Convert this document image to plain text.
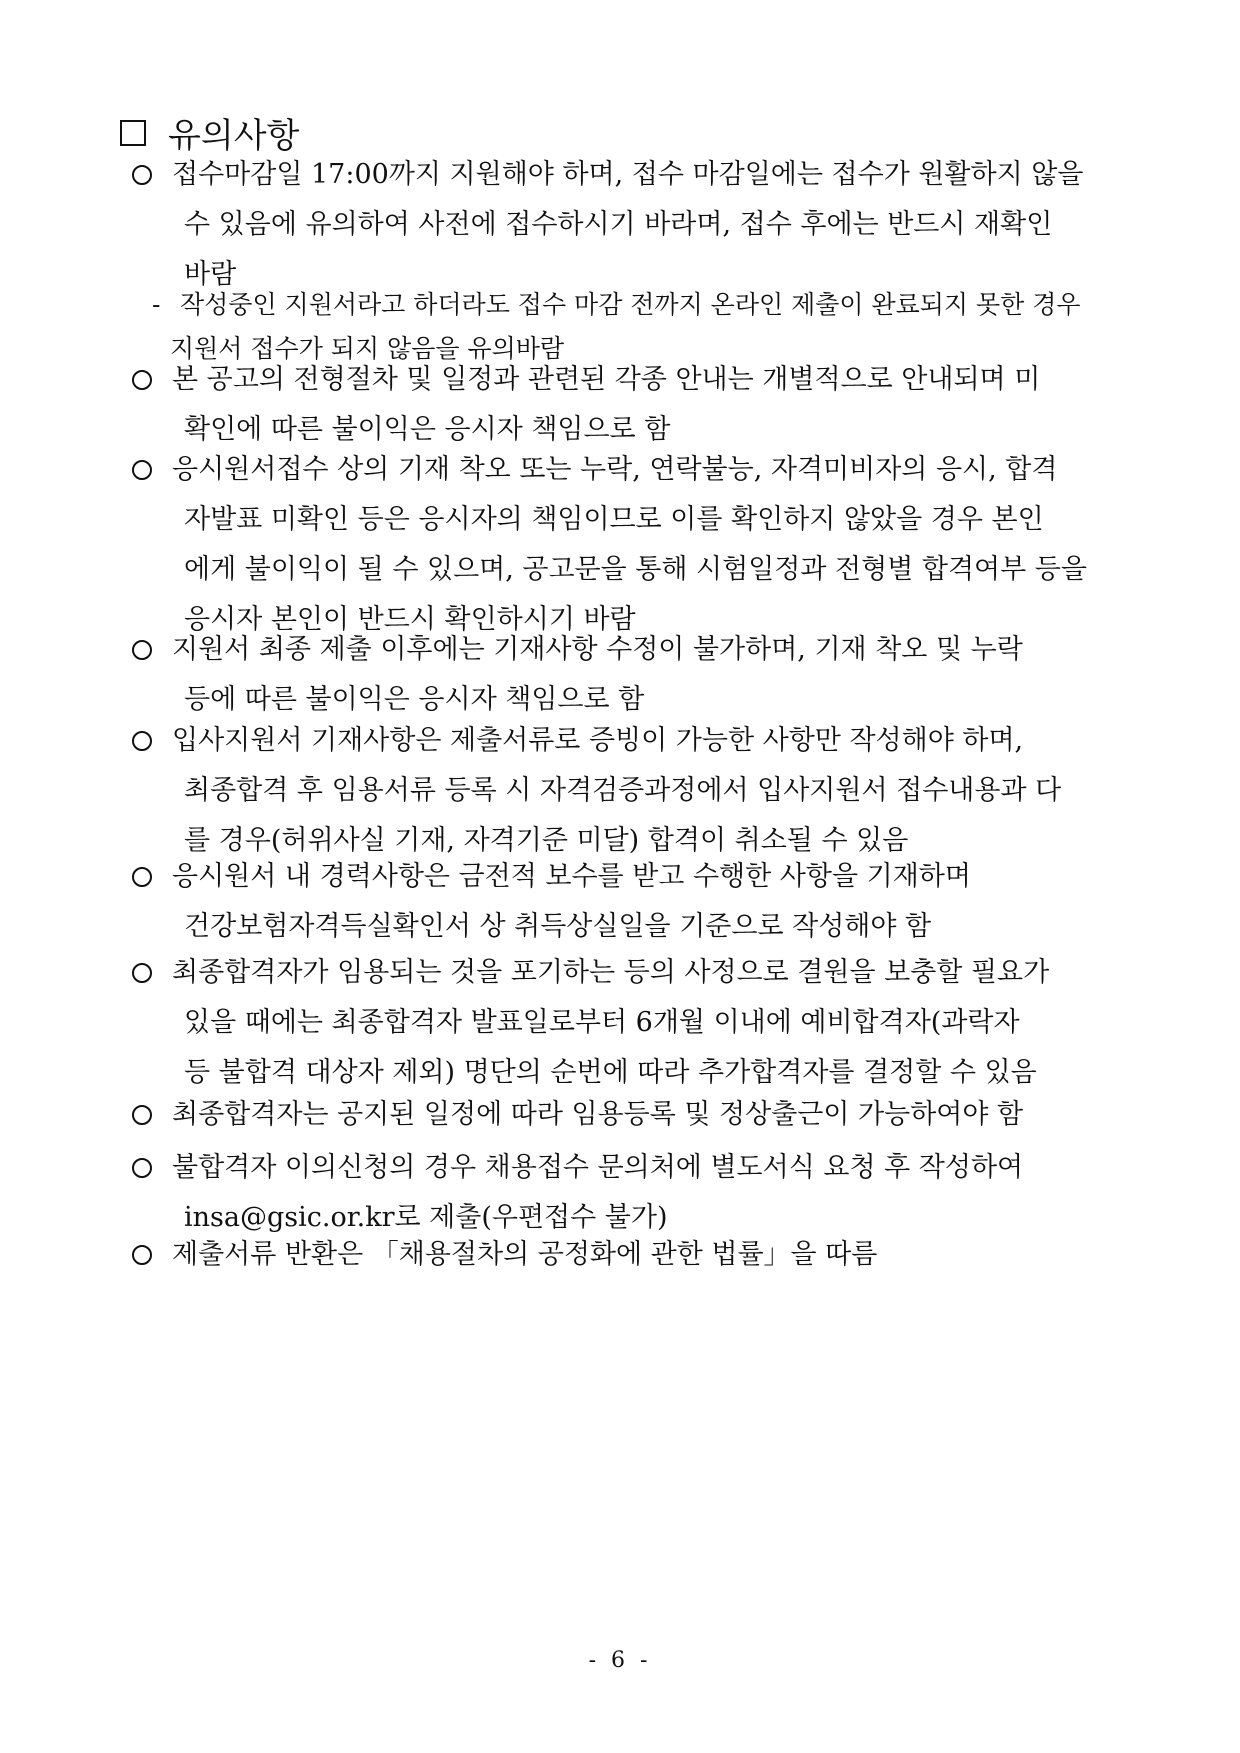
유의사항
접수마감일 17:00까지 지원해야 하며, 접수 마감일에는 접수가 원활하지 않을
수 있음에 유의하여 사전에 접수하시기 바라며, 접수 후에는 반드시 재확인
바람
- 작성중인 지원서라고 하더라도 접수 마감 전까지 온라인 제출이 완료되지 못한 경우
지원서 접수가 되지 않음을 유의바람
본 공고의 전형절차 및 일정과 관련된 각종 안내는 개별적으로 안내되며 미
확인에 따른 불이익은 응시자 책임으로 함
응시원서접수 상의 기재 착오 또는 누락, 연락불능, 자격미비자의 응시, 합격
자발표 미확인 등은 응시자의 책임이므로 이를 확인하지 않았을 경우 본인
에게 불이익이 될 수 있으며, 공고문을 통해 시험일정과 전형별 합격여부 등을
응시자 본인이 반드시 확인하시기 바람
지원서 최종 제출 이후에는 기재사항 수정이 불가하며, 기재 착오 및 누락
등에 따른 불이익은 응시자 책임으로 함
입사지원서 기재사항은 제출서류로 증빙이 가능한 사항만 작성해야 하며,
최종합격 후 임용서류 등록 시 자격검증과정에서 입사지원서 접수내용과 다
를 경우(허위사실 기재, 자격기준 미달) 합격이 취소될 수 있음
응시원서 내 경력사항은 금전적 보수를 받고 수행한 사항을 기재하며
건강보험자격득실확인서 상 취득상실일을 기준으로 작성해야 함
최종합격자가 임용되는 것을 포기하는 등의 사정으로 결원을 보충할 필요가
있을 때에는 최종합격자 발표일로부터 6개월 이내에 예비합격자(과락자
등 불합격 대상자 제외) 명단의 순번에 따라 추가합격자를 결정할 수 있음
최종합격자는 공지된 일정에 따라 임용등록 및 정상출근이 가능하여야 함
불합격자 이의신청의 경우 채용접수 문의처에 별도서식 요청 후 작성하여
insa@gsic.or.kr로 제출(우편접수 불가)
제출서류 반환은 「채용절차의 공정화에 관한 법률」을 따름
- 6 -
